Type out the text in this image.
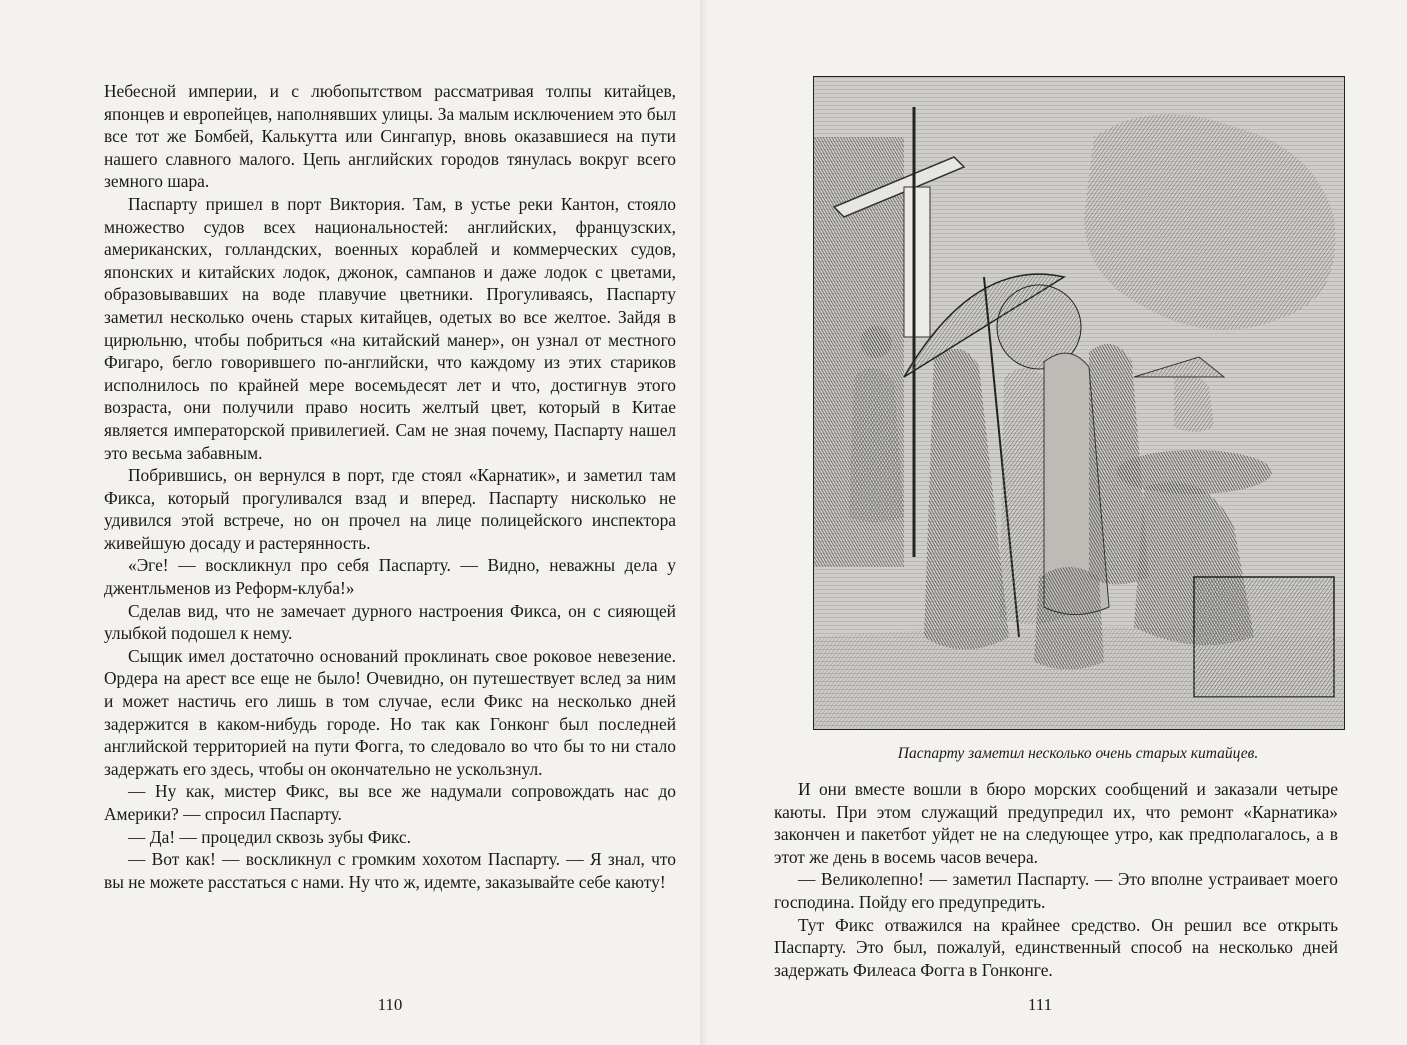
Небесной империи, и с любопытством рассматривая толпы китайцев, японцев и европейцев, наполнявших улицы. За малым исключением это был все тот же Бомбей, Калькутта или Сингапур, вновь оказавшиеся на пути нашего славного малого. Цепь английских городов тянулась вокруг всего земного шара.

Паспарту пришел в порт Виктория. Там, в устье реки Кантон, стояло множество судов всех национальностей: английских, французских, американских, голландских, военных кораблей и коммерческих судов, японских и китайских лодок, джонок, сампанов и даже лодок с цветами, образовывавших на воде плавучие цветники. Прогуливаясь, Паспарту заметил несколько очень старых китайцев, одетых во все желтое. Зайдя в цирюльню, чтобы побриться «на китайский манер», он узнал от местного Фигаро, бегло говорившего по-английски, что каждому из этих стариков исполнилось по крайней мере восемьдесят лет и что, достигнув этого возраста, они получили право носить желтый цвет, который в Китае является императорской привилегией. Сам не зная почему, Паспарту нашел это весьма забавным.

Побрившись, он вернулся в порт, где стоял «Карнатик», и заметил там Фикса, который прогуливался взад и вперед. Паспарту нисколько не удивился этой встрече, но он прочел на лице полицейского инспектора живейшую досаду и растерянность.

«Эге! — воскликнул про себя Паспарту. — Видно, неважны дела у джентльменов из Реформ-клуба!»

Сделав вид, что не замечает дурного настроения Фикса, он с сияющей улыбкой подошел к нему.

Сыщик имел достаточно оснований проклинать свое роковое невезение. Ордера на арест все еще не было! Очевидно, он путешествует вслед за ним и может настичь его лишь в том случае, если Фикс на несколько дней задержится в каком-нибудь городе. Но так как Гонконг был последней английской территорией на пути Фогга, то следовало во что бы то ни стало задержать его здесь, чтобы он окончательно не ускользнул.

— Ну как, мистер Фикс, вы все же надумали сопровождать нас до Америки? — спросил Паспарту.

— Да! — процедил сквозь зубы Фикс.

— Вот как! — воскликнул с громким хохотом Паспарту. — Я знал, что вы не можете расстаться с нами. Ну что ж, идемте, заказывайте себе каюту!

110
Паспарту заметил несколько очень старых китайцев.

И они вместе вошли в бюро морских сообщений и заказали четыре каюты. При этом служащий предупредил их, что ремонт «Карнатика» закончен и пакетбот уйдет не на следующее утро, как предполагалось, а в этот же день в восемь часов вечера.

— Великолепно! — заметил Паспарту. — Это вполне устраивает моего господина. Пойду его предупредить.

Тут Фикс отважился на крайнее средство. Он решил все открыть Паспарту. Это был, пожалуй, единственный способ на несколько дней задержать Филеаса Фогга в Гонконге.

111
